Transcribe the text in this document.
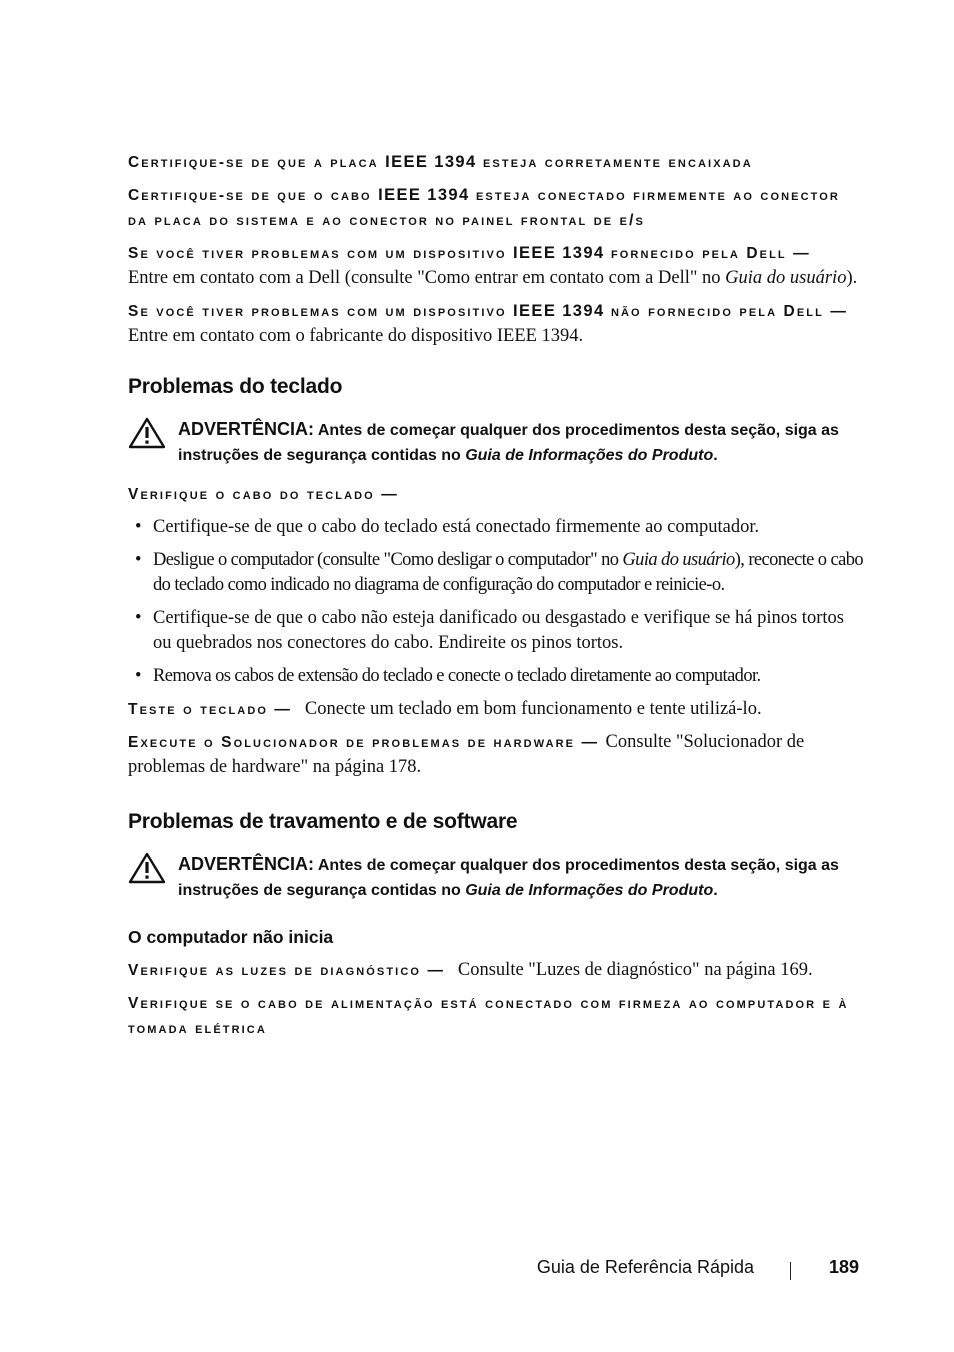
Certifique-se de que a placa IEEE 1394 esteja corretamente encaixada

Certifique-se de que o cabo IEEE 1394 esteja conectado firmemente ao conector da placa do sistema e ao conector no painel frontal de e/s

Se você tiver problemas com um dispositivo IEEE 1394 fornecido pela Dell —  Entre em contato com a Dell (consulte "Como entrar em contato com a Dell" no Guia do usuário).

Se você tiver problemas com um dispositivo IEEE 1394 não fornecido pela Dell —  Entre em contato com o fabricante do dispositivo IEEE 1394.

Problemas do teclado
ADVERTÊNCIA: Antes de começar qualquer dos procedimentos desta seção, siga as instruções de segurança contidas no Guia de Informações do Produto.

Verifique o cabo do teclado —

• Certifique-se de que o cabo do teclado está conectado firmemente ao computador.
• Desligue o computador (consulte "Como desligar o computador" no Guia do usuário), reconecte o cabo do teclado como indicado no diagrama de configuração do computador e reinicie-o.
• Certifique-se de que o cabo não esteja danificado ou desgastado e verifique se há pinos tortos ou quebrados nos conectores do cabo. Endireite os pinos tortos.
• Remova os cabos de extensão do teclado e conecte o teclado diretamente ao computador.

Teste o teclado — Conecte um teclado em bom funcionamento e tente utilizá-lo.

Execute o Solucionador de problemas de hardware — Consulte "Solucionador de problemas de hardware" na página 178.

Problemas de travamento e de software
ADVERTÊNCIA: Antes de começar qualquer dos procedimentos desta seção, siga as instruções de segurança contidas no Guia de Informações do Produto.
O computador não inicia

Verifique as luzes de diagnóstico — Consulte "Luzes de diagnóstico" na página 169.

Verifique se o cabo de alimentação está conectado com firmeza ao computador e à tomada elétrica

Guia de Referência Rápida	189
